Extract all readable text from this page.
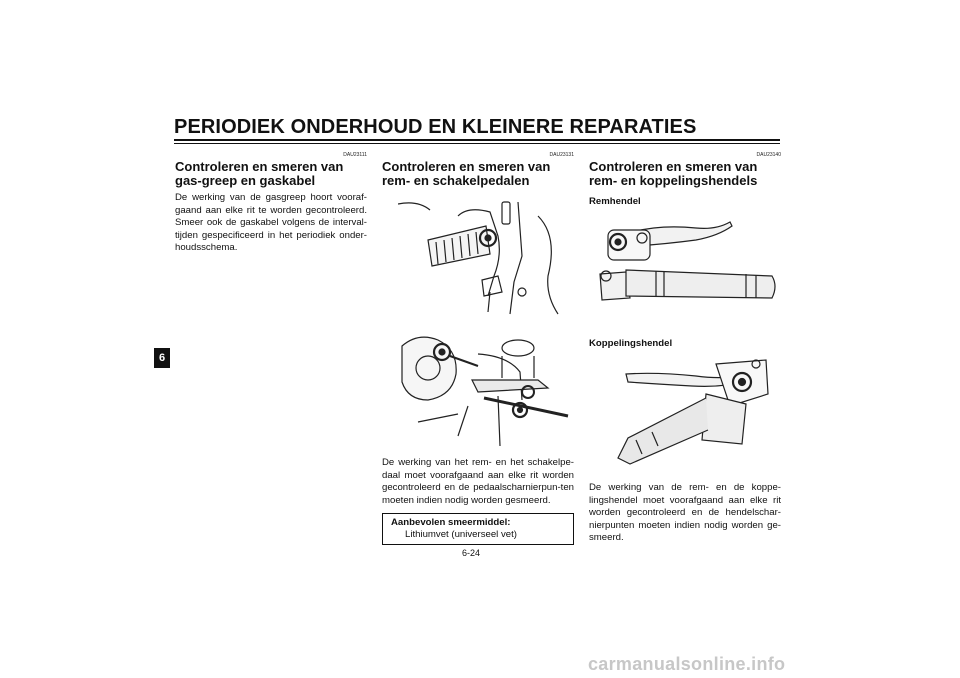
PERIODIEK ONDERHOUD EN KLEINERE REPARATIES
6
DAU23111
Controleren en smeren van gas-greep en gaskabel
De werking van de gasgreep hoort vooraf-gaand aan elke rit te worden gecontroleerd. Smeer ook de gaskabel volgens de interval-tijden gespecificeerd in het periodiek onder-houdsschema.
DAU23131
Controleren en smeren van rem- en schakelpedalen
De werking van het rem- en het schakelpe-daal moet voorafgaand aan elke rit worden gecontroleerd en de pedaalscharnierpun-ten moeten indien nodig worden gesmeerd.
Aanbevolen smeermiddel:
Lithiumvet (universeel vet)
DAU23140
Controleren en smeren van rem- en koppelingshendels
Remhendel
Koppelingshendel
De werking van de rem- en de koppe-lingshendel moet voorafgaand aan elke rit worden gecontroleerd en de hendelschar-nierpunten moeten indien nodig worden ge-smeerd.
6-24
carmanualsonline.info
